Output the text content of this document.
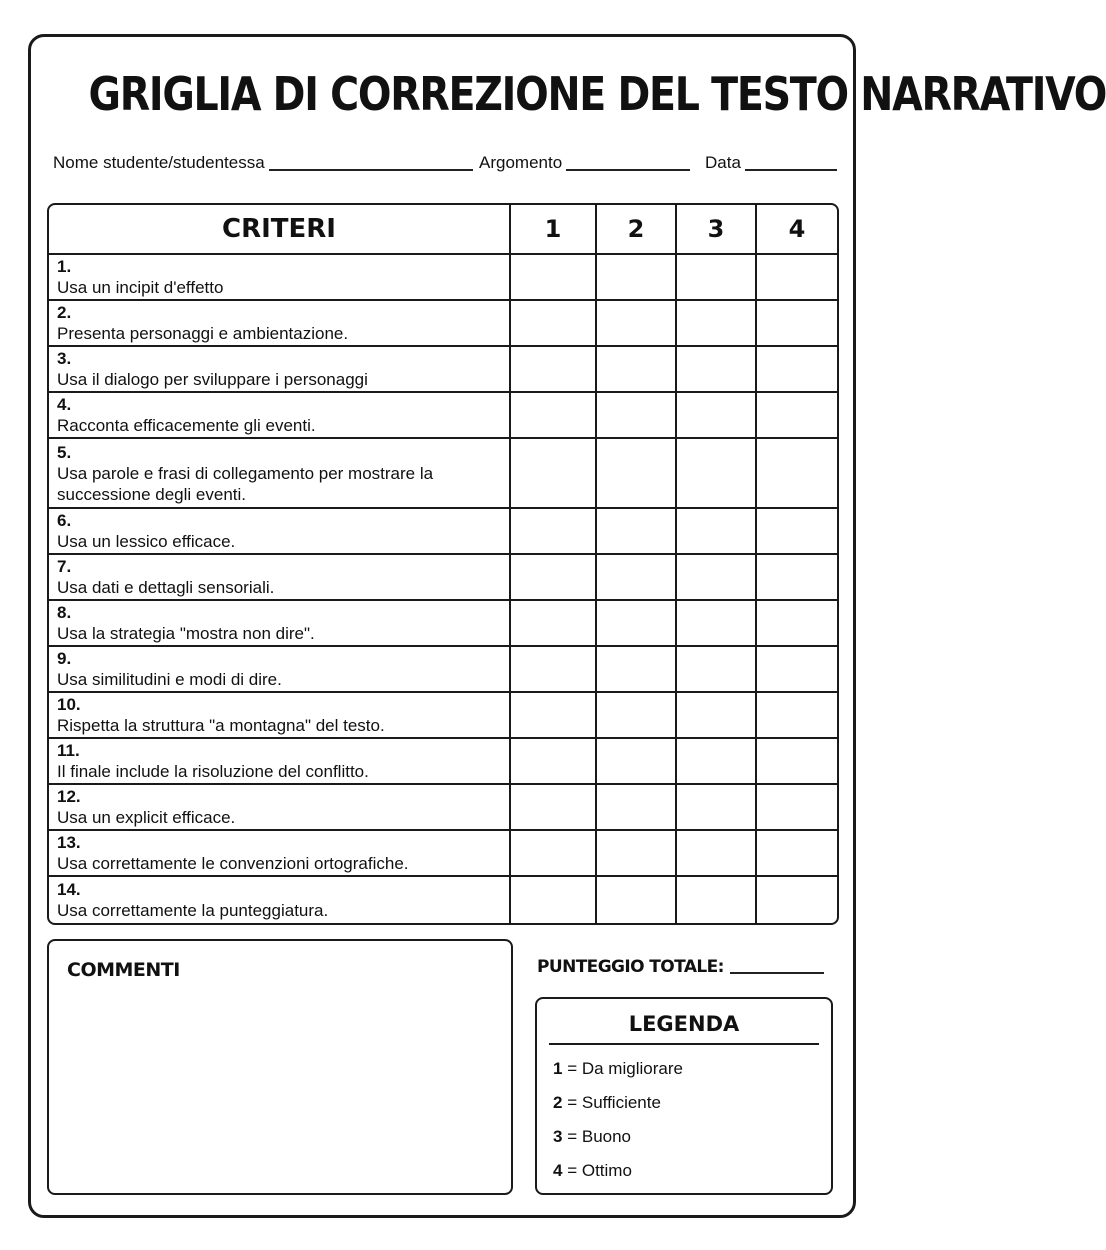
GRIGLIA DI CORREZIONE DEL TESTO NARRATIVO
Nome studente/studentessa	Argomento	Data
CRITERI	1	2	3	4
1.Usa un incipit d'effetto				
2.Presenta personaggi e ambientazione.				
3.Usa il dialogo per sviluppare i personaggi				
4.Racconta efficacemente gli eventi.				
5.Usa parole e frasi di collegamento per mostrare la successione degli eventi.				
6.Usa un lessico efficace.				
7.Usa dati e dettagli sensoriali.				
8.Usa la strategia "mostra non dire".				
9.Usa similitudini e modi di dire.				
10.Rispetta la struttura "a montagna" del testo.				
11.Il finale include la risoluzione del conflitto.				
12.Usa un explicit efficace.				
13.Usa correttamente le convenzioni ortografiche.				
14.Usa correttamente la punteggiatura.				
COMMENTI	PUNTEGGIO TOTALE:
LEGENDA
1 = Da migliorare
2 = Sufficiente
3 = Buono
4 = Ottimo
